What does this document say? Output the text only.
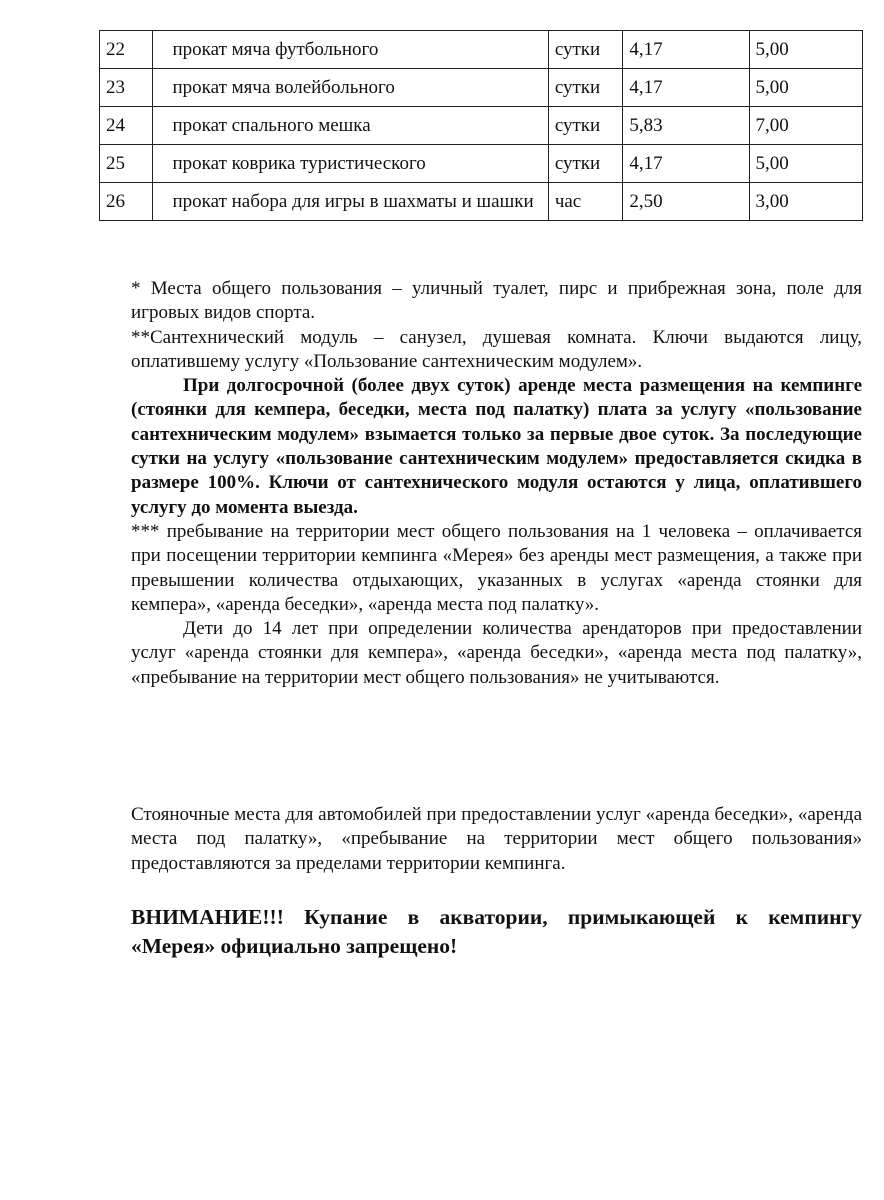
22	прокат мяча футбольного	сутки	4,17	5,00
23	прокат мяча волейбольного	сутки	4,17	5,00
24	прокат спального мешка	сутки	5,83	7,00
25	прокат коврика туристического	сутки	4,17	5,00
26	прокат набора для игры в шахматы и шашки	час	2,50	3,00

* Места общего пользования – уличный туалет, пирс и прибрежная зона, поле для игровых видов спорта.

**Сантехнический модуль – санузел, душевая комната. Ключи выдаются лицу, оплатившему услугу «Пользование сантехническим модулем».

При долгосрочной (более двух суток) аренде места размещения на кемпинге (стоянки для кемпера, беседки, места под палатку) плата за услугу «пользование сантехническим модулем» взымается только за первые двое суток. За последующие сутки на услугу «пользование сантехническим модулем» предоставляется скидка в размере 100%. Ключи от сантехнического модуля остаются у лица, оплатившего услугу до момента выезда.

*** пребывание на территории мест общего пользования на 1 человека – оплачивается при посещении территории кемпинга «Мерея» без аренды мест размещения, а также при превышении количества отдыхающих, указанных в услугах «аренда стоянки для кемпера», «аренда беседки», «аренда места под палатку».

Дети до 14 лет при определении количества арендаторов при предоставлении услуг «аренда стоянки для кемпера», «аренда беседки», «аренда места под палатку», «пребывание на территории мест общего пользования» не учитываются.

Стояночные места для автомобилей при предоставлении услуг «аренда беседки», «аренда места под палатку», «пребывание на территории мест общего пользования» предоставляются за пределами территории кемпинга.

ВНИМАНИЕ!!! Купание в акватории, примыкающей к кемпингу «Мерея» официально запрещено!
